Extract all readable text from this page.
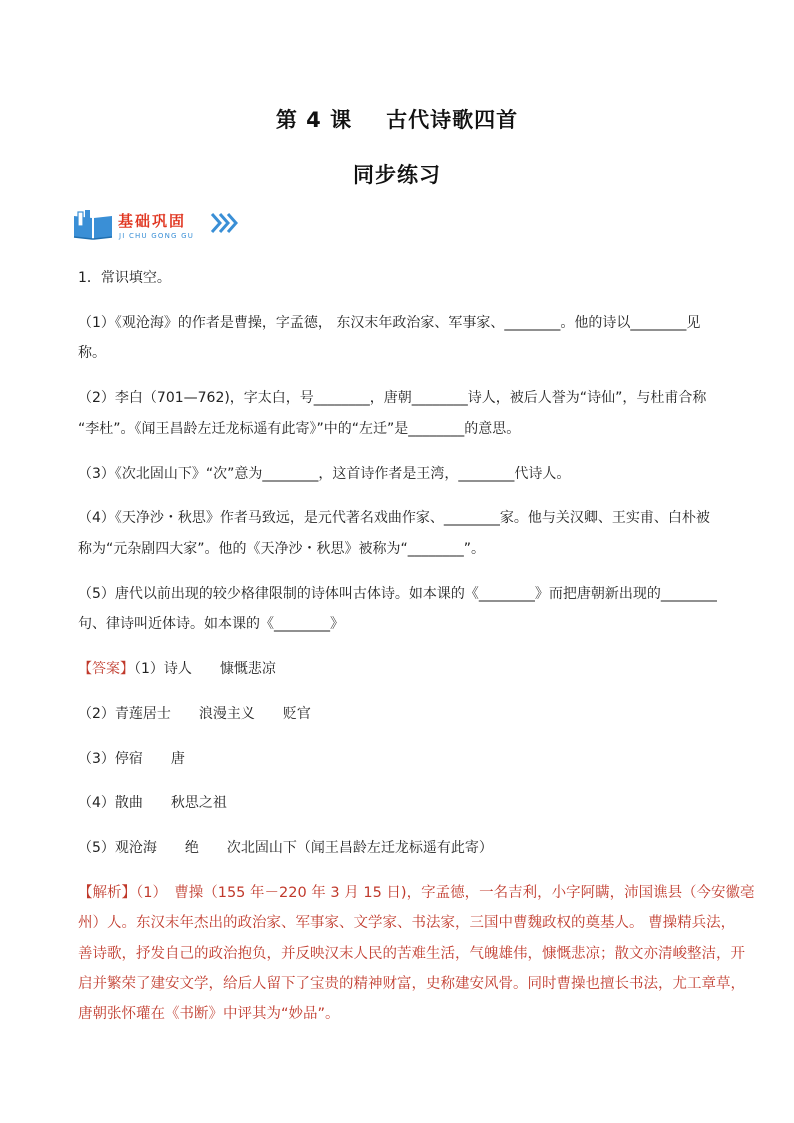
第 4 课 古代诗歌四首
同步练习
基础巩固
JI CHU GONG GU
1．常识填空。
（1）《观沧海》的作者是曹操，字孟德， 东汉末年政治家、军事家、________。他的诗以________见
称。
（2）李白（701—762)，字太白，号________，唐朝________诗人，被后人誉为“诗仙”，与杜甫合称
“李杜”。《闻王昌龄左迁龙标遥有此寄》”中的“左迁”是________的意思。
（3）《次北固山下》“次”意为________，这首诗作者是王湾，________代诗人。
（4）《天净沙・秋思》作者马致远，是元代著名戏曲作家、________家。他与关汉卿、王实甫、白朴被
称为“元杂剧四大家”。他的《天净沙・秋思》被称为“________”。
（5）唐代以前出现的较少格律限制的诗体叫古体诗。如本课的《________》而把唐朝新出现的________
句、律诗叫近体诗。如本课的《________》
【答案】（1）诗人　　慷慨悲凉
（2）青莲居士　　浪漫主义　　贬官
（3）停宿　　唐
（4）散曲　　秋思之祖
（5）观沧海　　绝　　次北固山下（闻王昌龄左迁龙标遥有此寄）
【解析】（1）　曹操（155 年－220 年 3 月 15 日)，字孟德，一名吉利，小字阿瞒，沛国谯县（今安徽亳
州）人。东汉末年杰出的政治家、军事家、文学家、书法家，三国中曹魏政权的奠基人。 曹操精兵法，
善诗歌，抒发自己的政治抱负，并反映汉末人民的苦难生活，气魄雄伟，慷慨悲凉；散文亦清峻整洁，开
启并繁荣了建安文学，给后人留下了宝贵的精神财富，史称建安风骨。同时曹操也擅长书法，尤工章草，
唐朝张怀瓘在《书断》中评其为“妙品”。
